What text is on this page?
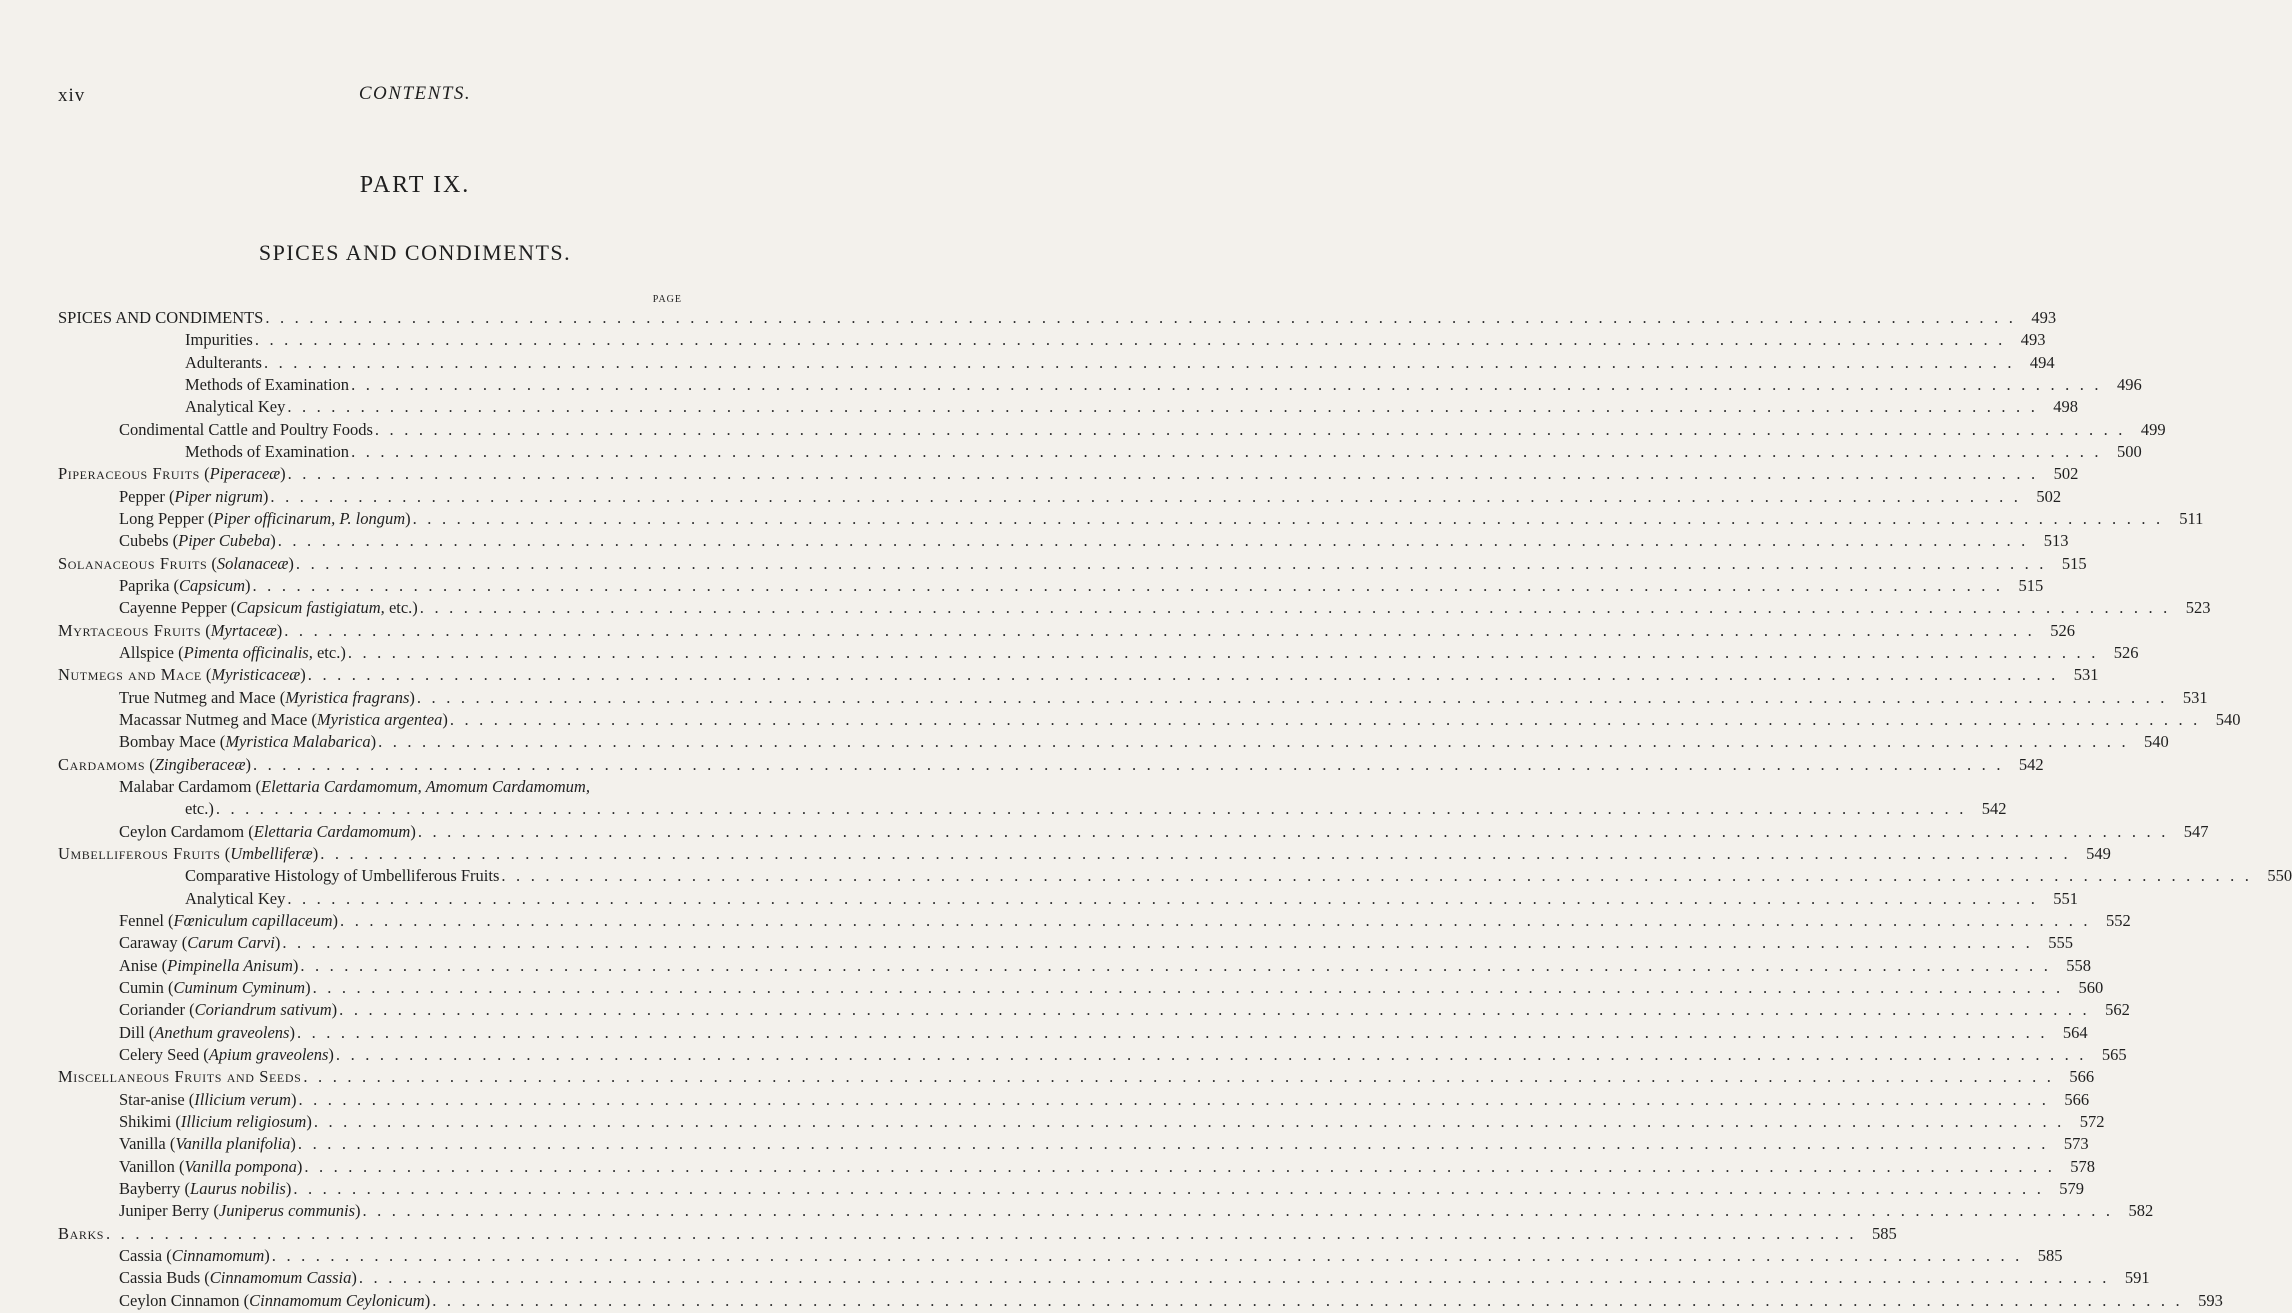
xiv	CONTENTS.
PART IX.
SPICES AND CONDIMENTS.
PAGE
SPICES AND CONDIMENTS . . . . . . . . . . . . . . . . . . . . . . . . . . . . . . . . . . . . . . . . . . . . . . . . . . . . . . . . . . . . . . . . . . . . . . . . . . . . . . . . . . . . . . . . . . . . . . . . . . . . . . . . . . . . . . . . . . . . . . . . 493
Impurities . . . . . . . . . . . . . . . . . . . . . . . . . . . . . . . . . . . . . . . . . . . . . . . . . . . . . . . . . . . . . . . . . . . . . . . . . . . . . . . . . . . . . . . . . . . . . . . . . . . . . . . . . . . . . . . . . . . . . . . . 493
Adulterants . . . . . . . . . . . . . . . . . . . . . . . . . . . . . . . . . . . . . . . . . . . . . . . . . . . . . . . . . . . . . . . . . . . . . . . . . . . . . . . . . . . . . . . . . . . . . . . . . . . . . . . . . . . . . . . . . . . . . . . . 494
Methods of Examination . . . . . . . . . . . . . . . . . . . . . . . . . . . . . . . . . . . . . . . . . . . . . . . . . . . . . . . . . . . . . . . . . . . . . . . . . . . . . . . . . . . . . . . . . . . . . . . . . . . . . . . . . . . . . . . . . . . . . . . . 496
Analytical Key . . . . . . . . . . . . . . . . . . . . . . . . . . . . . . . . . . . . . . . . . . . . . . . . . . . . . . . . . . . . . . . . . . . . . . . . . . . . . . . . . . . . . . . . . . . . . . . . . . . . . . . . . . . . . . . . . . . . . . . . 498
Condimental Cattle and Poultry Foods . . . . . . . . . . . . . . . . . . . . . . . . . . . . . . . . . . . . . . . . . . . . . . . . . . . . . . . . . . . . . . . . . . . . . . . . . . . . . . . . . . . . . . . . . . . . . . . . . . . . . . . . . . . . . . . . . . . . . . . . 499
Methods of Examination . . . . . . . . . . . . . . . . . . . . . . . . . . . . . . . . . . . . . . . . . . . . . . . . . . . . . . . . . . . . . . . . . . . . . . . . . . . . . . . . . . . . . . . . . . . . . . . . . . . . . . . . . . . . . . . . . . . . . . . . 500
Piperaceous Fruits (Piperaceæ) . . . . . . . . . . . . . . . . . . . . . . . . . . . . . . . . . . . . . . . . . . . . . . . . . . . . . . . . . . . . . . . . . . . . . . . . . . . . . . . . . . . . . . . . . . . . . . . . . . . . . . . . . . . . . . . . . . . . . . . . 502
Pepper (Piper nigrum) . . . . . . . . . . . . . . . . . . . . . . . . . . . . . . . . . . . . . . . . . . . . . . . . . . . . . . . . . . . . . . . . . . . . . . . . . . . . . . . . . . . . . . . . . . . . . . . . . . . . . . . . . . . . . . . . . . . . . . . . 502
Long Pepper (Piper officinarum, P. longum) . . . . . . . . . . . . . . . . . . . . . . . . . . . . . . . . . . . . . . . . . . . . . . . . . . . . . . . . . . . . . . . . . . . . . . . . . . . . . . . . . . . . . . . . . . . . . . . . . . . . . . . . . . . . . . . . . . . . . . . . 511
Cubebs (Piper Cubeba) . . . . . . . . . . . . . . . . . . . . . . . . . . . . . . . . . . . . . . . . . . . . . . . . . . . . . . . . . . . . . . . . . . . . . . . . . . . . . . . . . . . . . . . . . . . . . . . . . . . . . . . . . . . . . . . . . . . . . . . . 513
Solanaceous Fruits (Solanaceæ) . . . . . . . . . . . . . . . . . . . . . . . . . . . . . . . . . . . . . . . . . . . . . . . . . . . . . . . . . . . . . . . . . . . . . . . . . . . . . . . . . . . . . . . . . . . . . . . . . . . . . . . . . . . . . . . . . . . . . . . . 515
Paprika (Capsicum) . . . . . . . . . . . . . . . . . . . . . . . . . . . . . . . . . . . . . . . . . . . . . . . . . . . . . . . . . . . . . . . . . . . . . . . . . . . . . . . . . . . . . . . . . . . . . . . . . . . . . . . . . . . . . . . . . . . . . . . . 515
Cayenne Pepper (Capsicum fastigiatum, etc.) . . . . . . . . . . . . . . . . . . . . . . . . . . . . . . . . . . . . . . . . . . . . . . . . . . . . . . . . . . . . . . . . . . . . . . . . . . . . . . . . . . . . . . . . . . . . . . . . . . . . . . . . . . . . . . . . . . . . . . . . 523
Myrtaceous Fruits (Myrtaceæ) . . . . . . . . . . . . . . . . . . . . . . . . . . . . . . . . . . . . . . . . . . . . . . . . . . . . . . . . . . . . . . . . . . . . . . . . . . . . . . . . . . . . . . . . . . . . . . . . . . . . . . . . . . . . . . . . . . . . . . . . 526
Allspice (Pimenta officinalis, etc.) . . . . . . . . . . . . . . . . . . . . . . . . . . . . . . . . . . . . . . . . . . . . . . . . . . . . . . . . . . . . . . . . . . . . . . . . . . . . . . . . . . . . . . . . . . . . . . . . . . . . . . . . . . . . . . . . . . . . . . . . 526
Nutmegs and Mace (Myristicaceæ) . . . . . . . . . . . . . . . . . . . . . . . . . . . . . . . . . . . . . . . . . . . . . . . . . . . . . . . . . . . . . . . . . . . . . . . . . . . . . . . . . . . . . . . . . . . . . . . . . . . . . . . . . . . . . . . . . . . . . . . . 531
True Nutmeg and Mace (Myristica fragrans) . . . . . . . . . . . . . . . . . . . . . . . . . . . . . . . . . . . . . . . . . . . . . . . . . . . . . . . . . . . . . . . . . . . . . . . . . . . . . . . . . . . . . . . . . . . . . . . . . . . . . . . . . . . . . . . . . . . . . . . . 531
Macassar Nutmeg and Mace (Myristica argentea) . . . . . . . . . . . . . . . . . . . . . . . . . . . . . . . . . . . . . . . . . . . . . . . . . . . . . . . . . . . . . . . . . . . . . . . . . . . . . . . . . . . . . . . . . . . . . . . . . . . . . . . . . . . . . . . . . . . . . . . . 540
Bombay Mace (Myristica Malabarica) . . . . . . . . . . . . . . . . . . . . . . . . . . . . . . . . . . . . . . . . . . . . . . . . . . . . . . . . . . . . . . . . . . . . . . . . . . . . . . . . . . . . . . . . . . . . . . . . . . . . . . . . . . . . . . . . . . . . . . . . 540
Cardamoms (Zingiberaceæ) . . . . . . . . . . . . . . . . . . . . . . . . . . . . . . . . . . . . . . . . . . . . . . . . . . . . . . . . . . . . . . . . . . . . . . . . . . . . . . . . . . . . . . . . . . . . . . . . . . . . . . . . . . . . . . . . . . . . . . . . 542
Malabar Cardamom (Elettaria Cardamomum, Amomum Cardamomum,
etc.) . . . . . . . . . . . . . . . . . . . . . . . . . . . . . . . . . . . . . . . . . . . . . . . . . . . . . . . . . . . . . . . . . . . . . . . . . . . . . . . . . . . . . . . . . . . . . . . . . . . . . . . . . . . . . . . . . . . . . . . . 542
Ceylon Cardamom (Elettaria Cardamomum) . . . . . . . . . . . . . . . . . . . . . . . . . . . . . . . . . . . . . . . . . . . . . . . . . . . . . . . . . . . . . . . . . . . . . . . . . . . . . . . . . . . . . . . . . . . . . . . . . . . . . . . . . . . . . . . . . . . . . . . . 547
Umbelliferous Fruits (Umbelliferæ) . . . . . . . . . . . . . . . . . . . . . . . . . . . . . . . . . . . . . . . . . . . . . . . . . . . . . . . . . . . . . . . . . . . . . . . . . . . . . . . . . . . . . . . . . . . . . . . . . . . . . . . . . . . . . . . . . . . . . . . . 549
Comparative Histology of Umbelliferous Fruits . . . . . . . . . . . . . . . . . . . . . . . . . . . . . . . . . . . . . . . . . . . . . . . . . . . . . . . . . . . . . . . . . . . . . . . . . . . . . . . . . . . . . . . . . . . . . . . . . . . . . . . . . . . . . . . . . . . . . . . . 550
Analytical Key . . . . . . . . . . . . . . . . . . . . . . . . . . . . . . . . . . . . . . . . . . . . . . . . . . . . . . . . . . . . . . . . . . . . . . . . . . . . . . . . . . . . . . . . . . . . . . . . . . . . . . . . . . . . . . . . . . . . . . . . 551
Fennel (Fœniculum capillaceum) . . . . . . . . . . . . . . . . . . . . . . . . . . . . . . . . . . . . . . . . . . . . . . . . . . . . . . . . . . . . . . . . . . . . . . . . . . . . . . . . . . . . . . . . . . . . . . . . . . . . . . . . . . . . . . . . . . . . . . . . 552
Caraway (Carum Carvi) . . . . . . . . . . . . . . . . . . . . . . . . . . . . . . . . . . . . . . . . . . . . . . . . . . . . . . . . . . . . . . . . . . . . . . . . . . . . . . . . . . . . . . . . . . . . . . . . . . . . . . . . . . . . . . . . . . . . . . . . 555
Anise (Pimpinella Anisum) . . . . . . . . . . . . . . . . . . . . . . . . . . . . . . . . . . . . . . . . . . . . . . . . . . . . . . . . . . . . . . . . . . . . . . . . . . . . . . . . . . . . . . . . . . . . . . . . . . . . . . . . . . . . . . . . . . . . . . . . 558
Cumin (Cuminum Cyminum) . . . . . . . . . . . . . . . . . . . . . . . . . . . . . . . . . . . . . . . . . . . . . . . . . . . . . . . . . . . . . . . . . . . . . . . . . . . . . . . . . . . . . . . . . . . . . . . . . . . . . . . . . . . . . . . . . . . . . . . . 560
Coriander (Coriandrum sativum) . . . . . . . . . . . . . . . . . . . . . . . . . . . . . . . . . . . . . . . . . . . . . . . . . . . . . . . . . . . . . . . . . . . . . . . . . . . . . . . . . . . . . . . . . . . . . . . . . . . . . . . . . . . . . . . . . . . . . . . . 562
Dill (Anethum graveolens) . . . . . . . . . . . . . . . . . . . . . . . . . . . . . . . . . . . . . . . . . . . . . . . . . . . . . . . . . . . . . . . . . . . . . . . . . . . . . . . . . . . . . . . . . . . . . . . . . . . . . . . . . . . . . . . . . . . . . . . . 564
Celery Seed (Apium graveolens) . . . . . . . . . . . . . . . . . . . . . . . . . . . . . . . . . . . . . . . . . . . . . . . . . . . . . . . . . . . . . . . . . . . . . . . . . . . . . . . . . . . . . . . . . . . . . . . . . . . . . . . . . . . . . . . . . . . . . . . . 565
Miscellaneous Fruits and Seeds . . . . . . . . . . . . . . . . . . . . . . . . . . . . . . . . . . . . . . . . . . . . . . . . . . . . . . . . . . . . . . . . . . . . . . . . . . . . . . . . . . . . . . . . . . . . . . . . . . . . . . . . . . . . . . . . . . . . . . . . 566
Star-anise (Illicium verum) . . . . . . . . . . . . . . . . . . . . . . . . . . . . . . . . . . . . . . . . . . . . . . . . . . . . . . . . . . . . . . . . . . . . . . . . . . . . . . . . . . . . . . . . . . . . . . . . . . . . . . . . . . . . . . . . . . . . . . . . 566
Shikimi (Illicium religiosum) . . . . . . . . . . . . . . . . . . . . . . . . . . . . . . . . . . . . . . . . . . . . . . . . . . . . . . . . . . . . . . . . . . . . . . . . . . . . . . . . . . . . . . . . . . . . . . . . . . . . . . . . . . . . . . . . . . . . . . . . 572
Vanilla (Vanilla planifolia) . . . . . . . . . . . . . . . . . . . . . . . . . . . . . . . . . . . . . . . . . . . . . . . . . . . . . . . . . . . . . . . . . . . . . . . . . . . . . . . . . . . . . . . . . . . . . . . . . . . . . . . . . . . . . . . . . . . . . . . . 573
Vanillon (Vanilla pompona) . . . . . . . . . . . . . . . . . . . . . . . . . . . . . . . . . . . . . . . . . . . . . . . . . . . . . . . . . . . . . . . . . . . . . . . . . . . . . . . . . . . . . . . . . . . . . . . . . . . . . . . . . . . . . . . . . . . . . . . . 578
Bayberry (Laurus nobilis) . . . . . . . . . . . . . . . . . . . . . . . . . . . . . . . . . . . . . . . . . . . . . . . . . . . . . . . . . . . . . . . . . . . . . . . . . . . . . . . . . . . . . . . . . . . . . . . . . . . . . . . . . . . . . . . . . . . . . . . . 579
Juniper Berry (Juniperus communis) . . . . . . . . . . . . . . . . . . . . . . . . . . . . . . . . . . . . . . . . . . . . . . . . . . . . . . . . . . . . . . . . . . . . . . . . . . . . . . . . . . . . . . . . . . . . . . . . . . . . . . . . . . . . . . . . . . . . . . . . 582
Barks . . . . . . . . . . . . . . . . . . . . . . . . . . . . . . . . . . . . . . . . . . . . . . . . . . . . . . . . . . . . . . . . . . . . . . . . . . . . . . . . . . . . . . . . . . . . . . . . . . . . . . . . . . . . . . . . . . . . . . . . 585
Cassia (Cinnamomum) . . . . . . . . . . . . . . . . . . . . . . . . . . . . . . . . . . . . . . . . . . . . . . . . . . . . . . . . . . . . . . . . . . . . . . . . . . . . . . . . . . . . . . . . . . . . . . . . . . . . . . . . . . . . . . . . . . . . . . . . 585
Cassia Buds (Cinnamomum Cassia) . . . . . . . . . . . . . . . . . . . . . . . . . . . . . . . . . . . . . . . . . . . . . . . . . . . . . . . . . . . . . . . . . . . . . . . . . . . . . . . . . . . . . . . . . . . . . . . . . . . . . . . . . . . . . . . . . . . . . . . . 591
Ceylon Cinnamon (Cinnamomum Ceylonicum) . . . . . . . . . . . . . . . . . . . . . . . . . . . . . . . . . . . . . . . . . . . . . . . . . . . . . . . . . . . . . . . . . . . . . . . . . . . . . . . . . . . . . . . . . . . . . . . . . . . . . . . . . . . . . . . . . . . . . . . . 593
